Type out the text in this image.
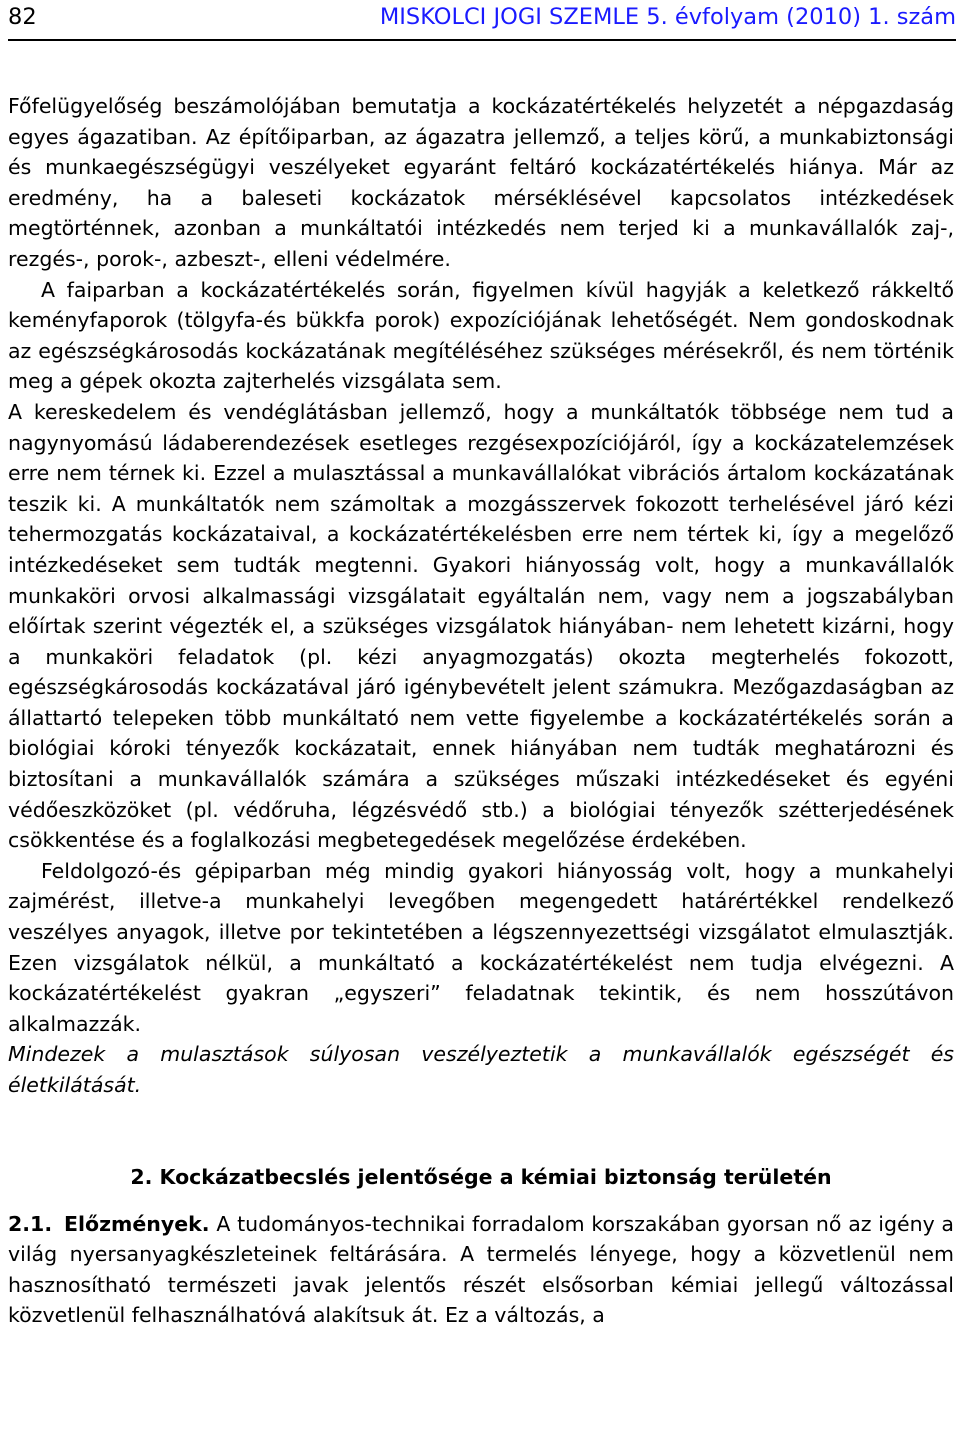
82	MISKOLCI JOGI SZEMLE 5. évfolyam (2010) 1. szám

Főfelügyelőség beszámolójában bemutatja a kockázatértékelés helyzetét a népgazdaság egyes ágazatiban. Az építőiparban, az ágazatra jellemző, a teljes körű, a munkabiztonsági és munkaegészségügyi veszélyeket egyaránt feltáró kockázatértékelés hiánya. Már az eredmény, ha a baleseti kockázatok mérséklésével kapcsolatos intézkedések megtörténnek, azonban a munkáltatói intézkedés nem terjed ki a munkavállalók zaj-, rezgés-, porok-, azbeszt-, elleni védelmére.

A faiparban a kockázatértékelés során, figyelmen kívül hagyják a keletkező rákkeltő keményfaporok (tölgyfa-és bükkfa porok) expozíciójának lehetőségét. Nem gondoskodnak az egészségkárosodás kockázatának megítéléséhez szükséges mérésekről, és nem történik meg a gépek okozta zajterhelés vizsgálata sem.

A kereskedelem és vendéglátásban jellemző, hogy a munkáltatók többsége nem tud a nagynyomású ládaberendezések esetleges rezgésexpozíciójáról, így a kockázatelemzések erre nem térnek ki. Ezzel a mulasztással a munkavállalókat vibrációs ártalom kockázatának teszik ki. A munkáltatók nem számoltak a mozgásszervek fokozott terhelésével járó kézi tehermozgatás kockázataival, a kockázatértékelésben erre nem tértek ki, így a megelőző intézkedéseket sem tudták megtenni. Gyakori hiányosság volt, hogy a munkavállalók munkaköri orvosi alkalmassági vizsgálatait egyáltalán nem, vagy nem a jogszabályban előírtak szerint végezték el, a szükséges vizsgálatok hiányában- nem lehetett kizárni, hogy a munkaköri feladatok (pl. kézi anyagmozgatás) okozta megterhelés fokozott, egészségkárosodás kockázatával járó igénybevételt jelent számukra. Mezőgazdaságban az állattartó telepeken több munkáltató nem vette figyelembe a kockázatértékelés során a biológiai kóroki tényezők kockázatait, ennek hiányában nem tudták meghatározni és biztosítani a munkavállalók számára a szükséges műszaki intézkedéseket és egyéni védőeszközöket (pl. védőruha, légzésvédő stb.) a biológiai tényezők szétterjedésének csökkentése és a foglalkozási megbetegedések megelőzése érdekében.

Feldolgozó-és gépiparban még mindig gyakori hiányosság volt, hogy a munkahelyi zajmérést, illetve-a munkahelyi levegőben megengedett határértékkel rendelkező veszélyes anyagok, illetve por tekintetében a légszennyezettségi vizsgálatot elmulasztják. Ezen vizsgálatok nélkül, a munkáltató a kockázatértékelést nem tudja elvégezni. A kockázatértékelést gyakran „egyszeri” feladatnak tekintik, és nem hosszútávon alkalmazzák.

Mindezek a mulasztások súlyosan veszélyeztetik a munkavállalók egészségét és életkilátását.

2. Kockázatbecslés jelentősége a kémiai biztonság területén

2.1. Előzmények. A tudományos-technikai forradalom korszakában gyorsan nő az igény a világ nyersanyagkészleteinek feltárására. A termelés lényege, hogy a közvetlenül nem hasznosítható természeti javak jelentős részét elsősorban kémiai jellegű változással közvetlenül felhasználhatóvá alakítsuk át. Ez a változás, a
